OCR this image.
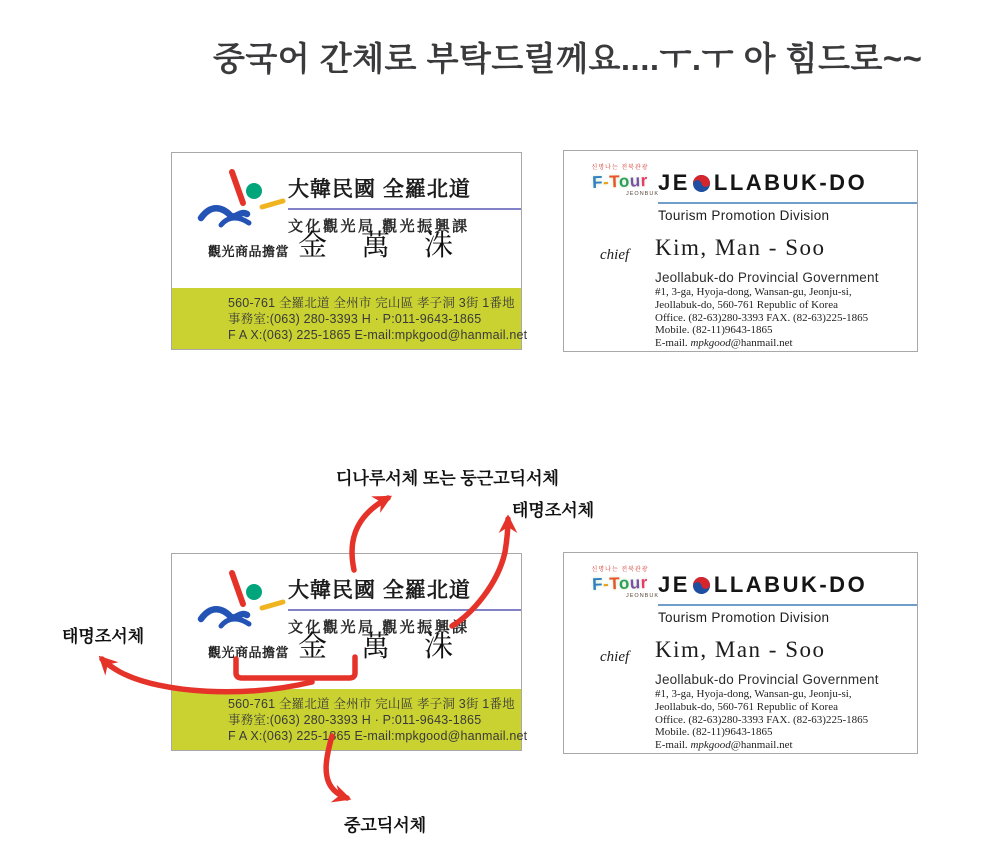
중국어 간체로 부탁드릴께요....ㅜ.ㅜ 아 힘드로~~
大韓民國 全羅北道
文化觀光局 觀光振興課
觀光商品擔當 金 萬 洙
560-761 全羅北道 全州市 完山區 孝子洞 3街 1番地
事務室:(063) 280-3393 H · P:011-9643-1865
F A X:(063) 225-1865 E-mail:mpkgood@hanmail.net
신명나는 전북관광
F-Tour
JEONBUK JE LLABUK-DO
Tourism Promotion Division
chief Kim, Man - Soo
Jeollabuk-do Provincial Government
#1, 3-ga, Hyoja-dong, Wansan-gu, Jeonju-si,
Jeollabuk-do, 560-761 Republic of Korea
Office. (82-63)280-3393 FAX. (82-63)225-1865
Mobile. (82-11)9643-1865
E-mail. mpkgood@hanmail.net
大韓民國 全羅北道
文化觀光局 觀光振興課
觀光商品擔當 金 萬 洙
560-761 全羅北道 全州市 完山區 孝子洞 3街 1番地
事務室:(063) 280-3393 H · P:011-9643-1865
F A X:(063) 225-1865 E-mail:mpkgood@hanmail.net
신명나는 전북관광
F-Tour
JEONBUK JE LLABUK-DO
Tourism Promotion Division
chief Kim, Man - Soo
Jeollabuk-do Provincial Government
#1, 3-ga, Hyoja-dong, Wansan-gu, Jeonju-si,
Jeollabuk-do, 560-761 Republic of Korea
Office. (82-63)280-3393 FAX. (82-63)225-1865
Mobile. (82-11)9643-1865
E-mail. mpkgood@hanmail.net
디나루서체 또는 둥근고딕서체
태명조서체
태명조서체
중고딕서체
